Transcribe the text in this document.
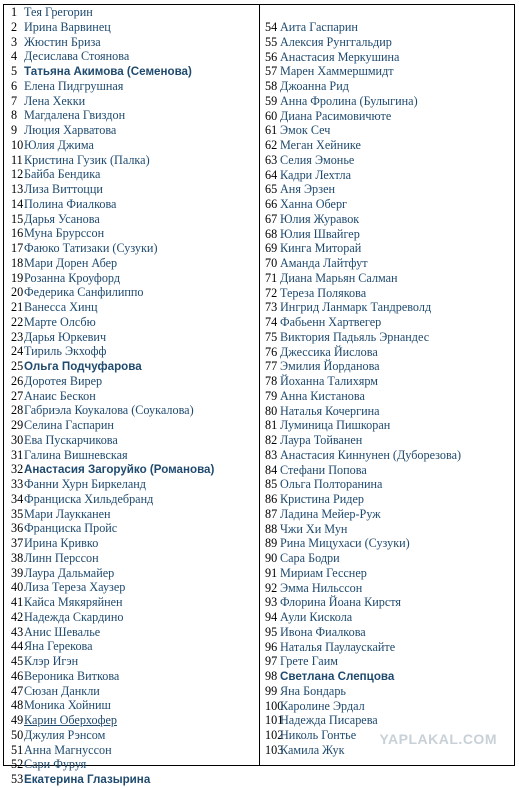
1 Тея Грегорин
2 Ирина Варвинец
3 Жюстин Бриза
4 Десислава Стоянова
5 Татьяна Акимова (Семенова)
6 Елена Пидгрушная
7 Лена Хекки
8 Магдалена Гвиздон
9 Люция Харватова
10 Юлия Джима
11 Кристина Гузик (Палка)
12 Байба Бендика
13 Лиза Виттоцци
14 Полина Фиалкова
15 Дарья Усанова
16 Муна Брурссон
17 Фаюко Татизаки (Сузуки)
18 Мари Дорен Абер
19 Розанна Кроуфорд
20 Федерика Санфилиппо
21 Ванесса Хинц
22 Марте Олсбю
23 Дарья Юркевич
24 Тириль Экхофф
25 Ольга Подчуфарова
26 Доротея Вирер
27 Анаис Бескон
28 Габриэла Коукалова (Соукалова)
29 Селина Гаспарин
30 Ева Пускарчикова
31 Галина Вишневская
32 Анастасия Загоруйко (Романова)
33 Фанни Хурн Биркеланд
34 Франциска Хильдебранд
35 Мари Лаукканен
36 Франциска Пройс
37 Ирина Кривко
38 Линн Перссон
39 Лаура Дальмайер
40 Лиза Тереза Хаузер
41 Кайса Мякяряйнен
42 Надежда Скардино
43 Анис Шевалье
44 Яна Герекова
45 Клэр Игэн
46 Вероника Виткова
47 Сюзан Данкли
48 Моника Хойниш
49 Карин Оберхофер
50 Джулия Рэнсом
51 Анна Магнуссон
52 Сари Фуруя
53 Екатерина Глазырина
54 Аита Гаспарин
55 Алексия Рунггальдир
56 Анастасия Меркушина
57 Марен Хаммершмидт
58 Джоанна Рид
59 Анна Фролина (Булыгина)
60 Диана Расимовичюте
61 Эмок Сеч
62 Меган Хейнике
63 Селия Эмонье
64 Кадри Лехтла
65 Аня Эрзен
66 Ханна Оберг
67 Юлия Журавок
68 Юлия Швайгер
69 Кинга Миторай
70 Аманда Лайтфут
71 Диана Марьян Салман
72 Тереза Полякова
73 Ингрид Ланмарк Тандреволд
74 Фабьенн Хартвегер
75 Виктория Падьяль Эрнандес
76 Джессика Йислова
77 Эмилия Йорданова
78 Йоханна Талихярм
79 Анна Кистанова
80 Наталья Кочергина
81 Луминица Пишкоран
82 Лаура Тойванен
83 Анастасия Киннунен (Дуборезова)
84 Стефани Попова
85 Ольга Полторанина
86 Кристина Ридер
87 Ладина Мейер-Руж
88 Чжи Хи Мун
89 Рина Мицухаси (Сузуки)
90 Сара Бодри
91 Мириам Гесснер
92 Эмма Нильссон
93 Флорина Йоана Кирстя
94 Аули Кискола
95 Ивона Фиалкова
96 Наталья Паулаускайте
97 Грете Гаим
98 Светлана Слепцова
99 Яна Бондарь
100
Каролине Эрдал
101
Надежда Писарева
102
Николь Гонтье
103
Камила Жук
YAPLAKAL.COM
